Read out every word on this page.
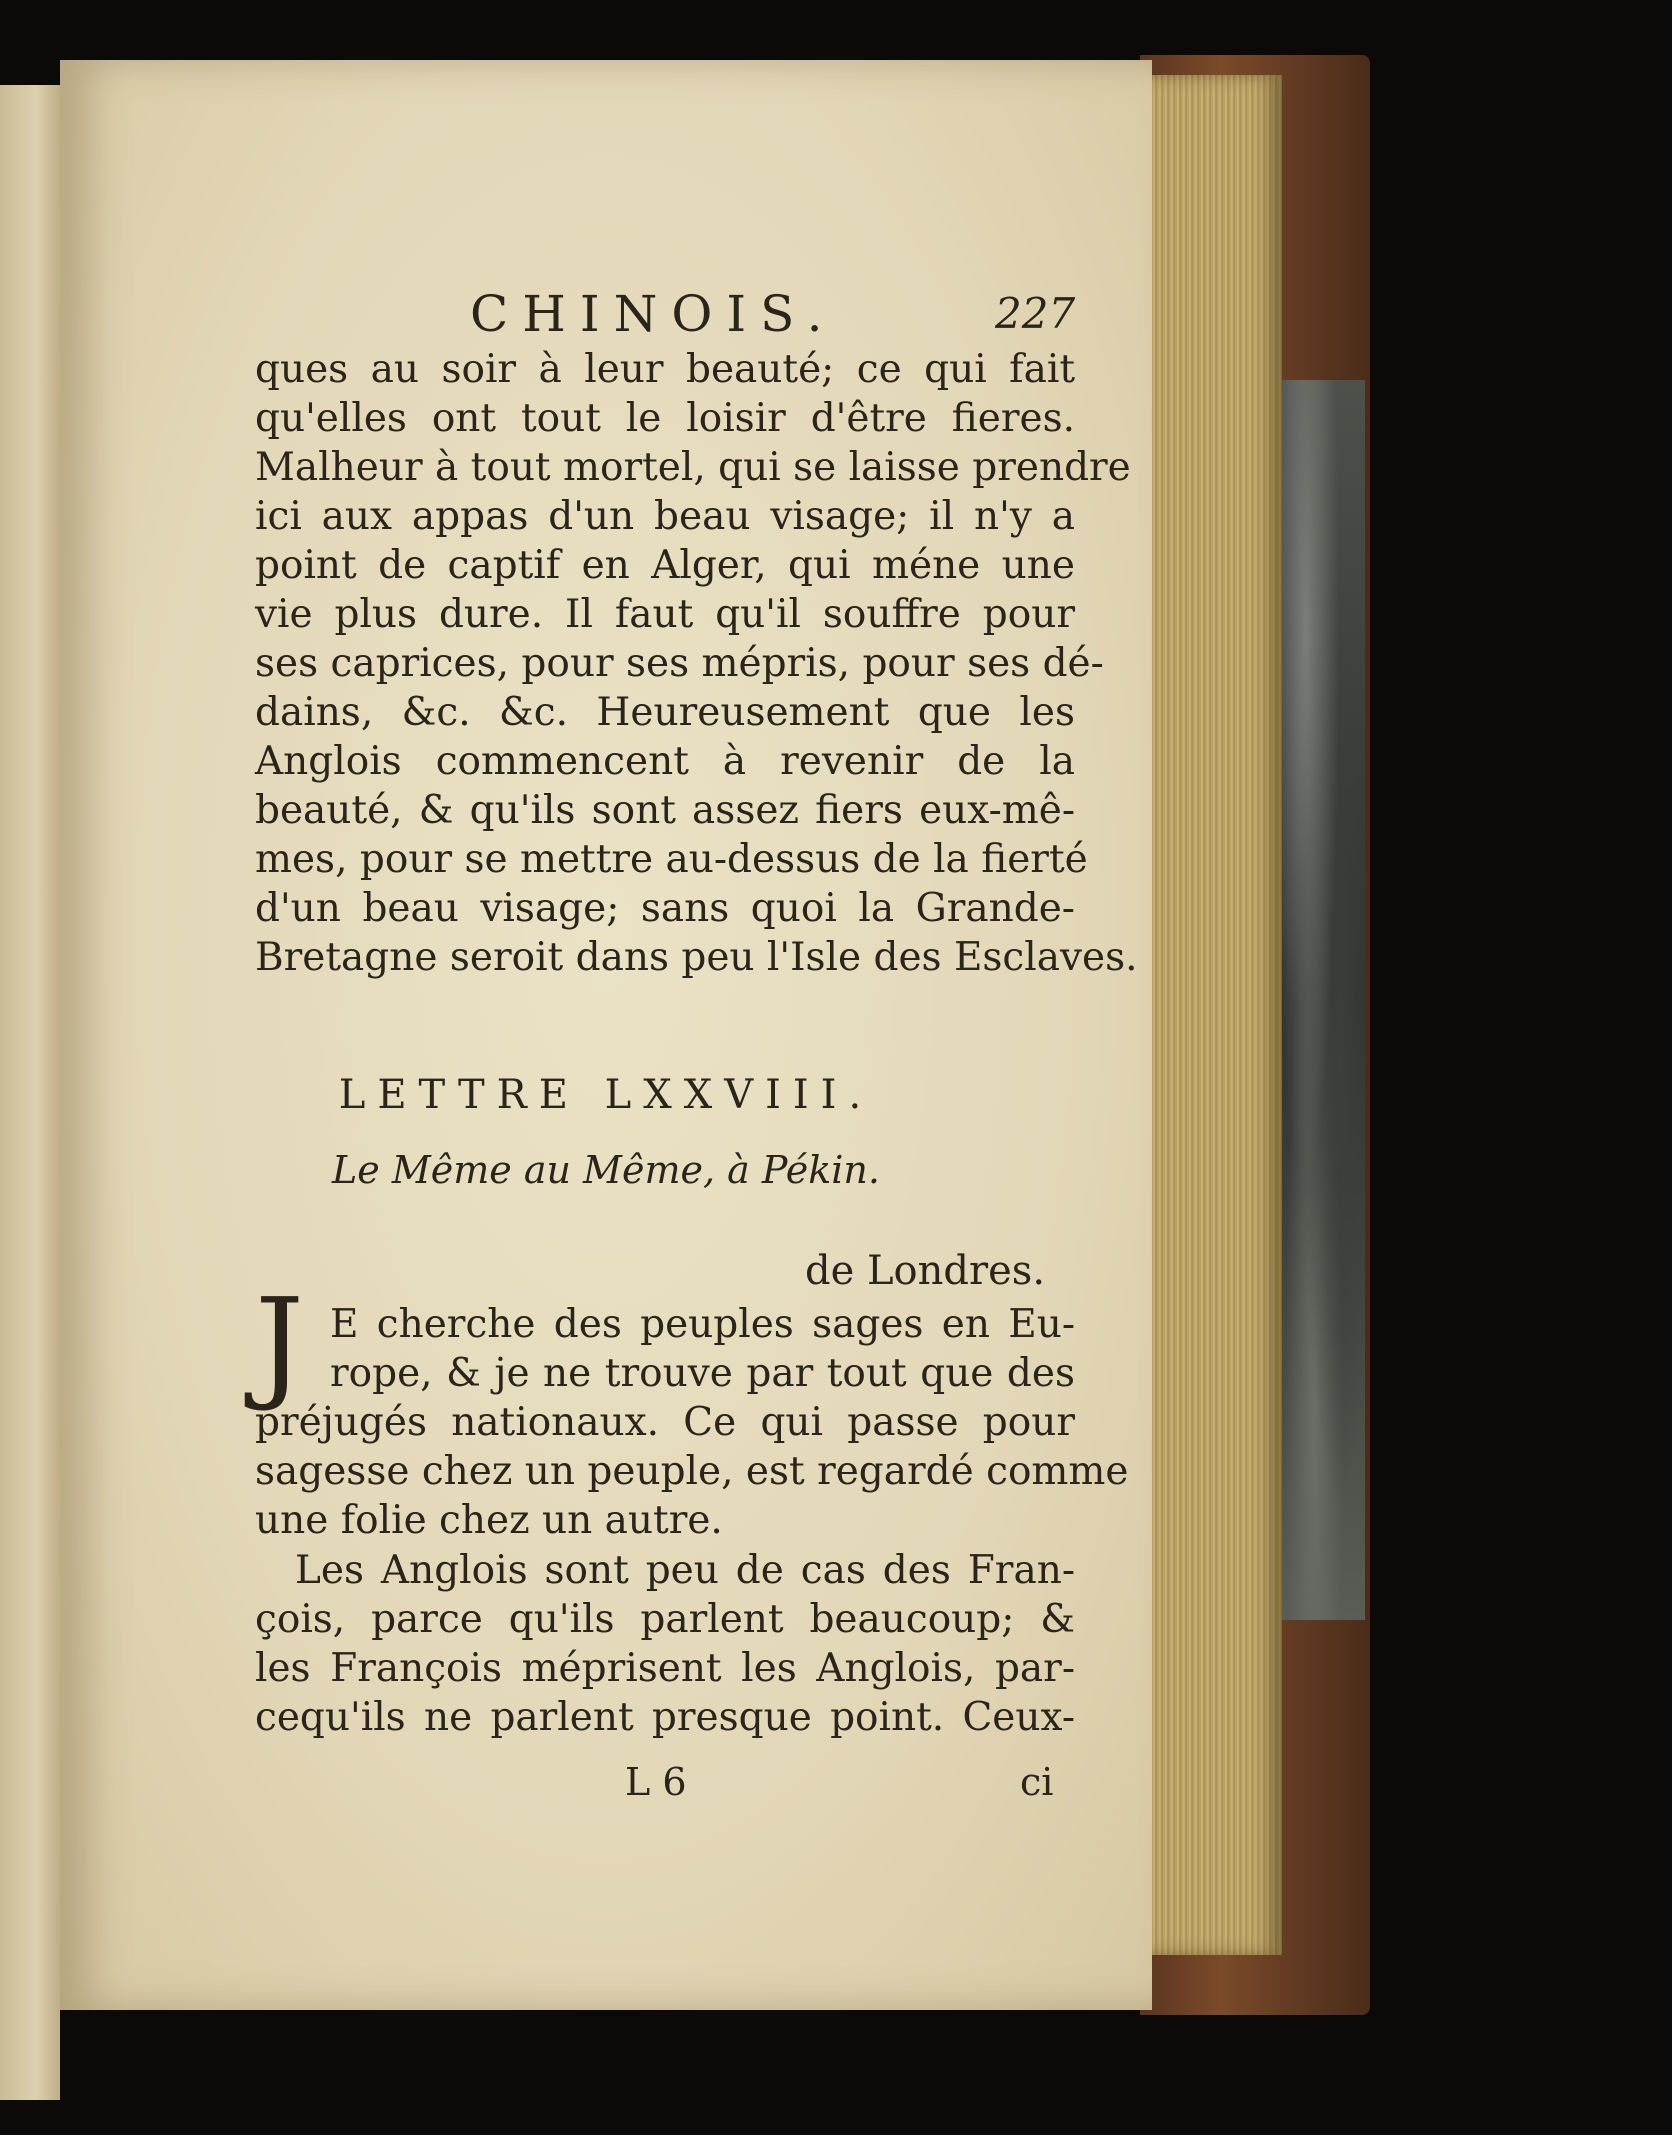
CHINOIS.	227
ques au soir à leur beauté; ce qui fait
qu'elles ont tout le loisir d'être fieres.
Malheur à tout mortel, qui se laisse prendre
ici aux appas d'un beau visage; il n'y a
point de captif en Alger, qui méne une
vie plus dure. Il faut qu'il souffre pour
ses caprices, pour ses mépris, pour ses dé-
dains, &c. &c. Heureusement que les
Anglois commencent à revenir de la
beauté, & qu'ils sont assez fiers eux-mê-
mes, pour se mettre au-dessus de la fierté
d'un beau visage; sans quoi la Grande-
Bretagne seroit dans peu l'Isle des Esclaves.
LETTRE LXXVIII.
Le Même au Même, à Pékin.
de Londres.
J E cherche des peuples sages en Eu-
rope, & je ne trouve par tout que des
préjugés nationaux. Ce qui passe pour
sagesse chez un peuple, est regardé comme
une folie chez un autre.
Les Anglois sont peu de cas des Fran-
çois, parce qu'ils parlent beaucoup; &
les François méprisent les Anglois, par-
cequ'ils ne parlent presque point. Ceux-
L 6	ci
